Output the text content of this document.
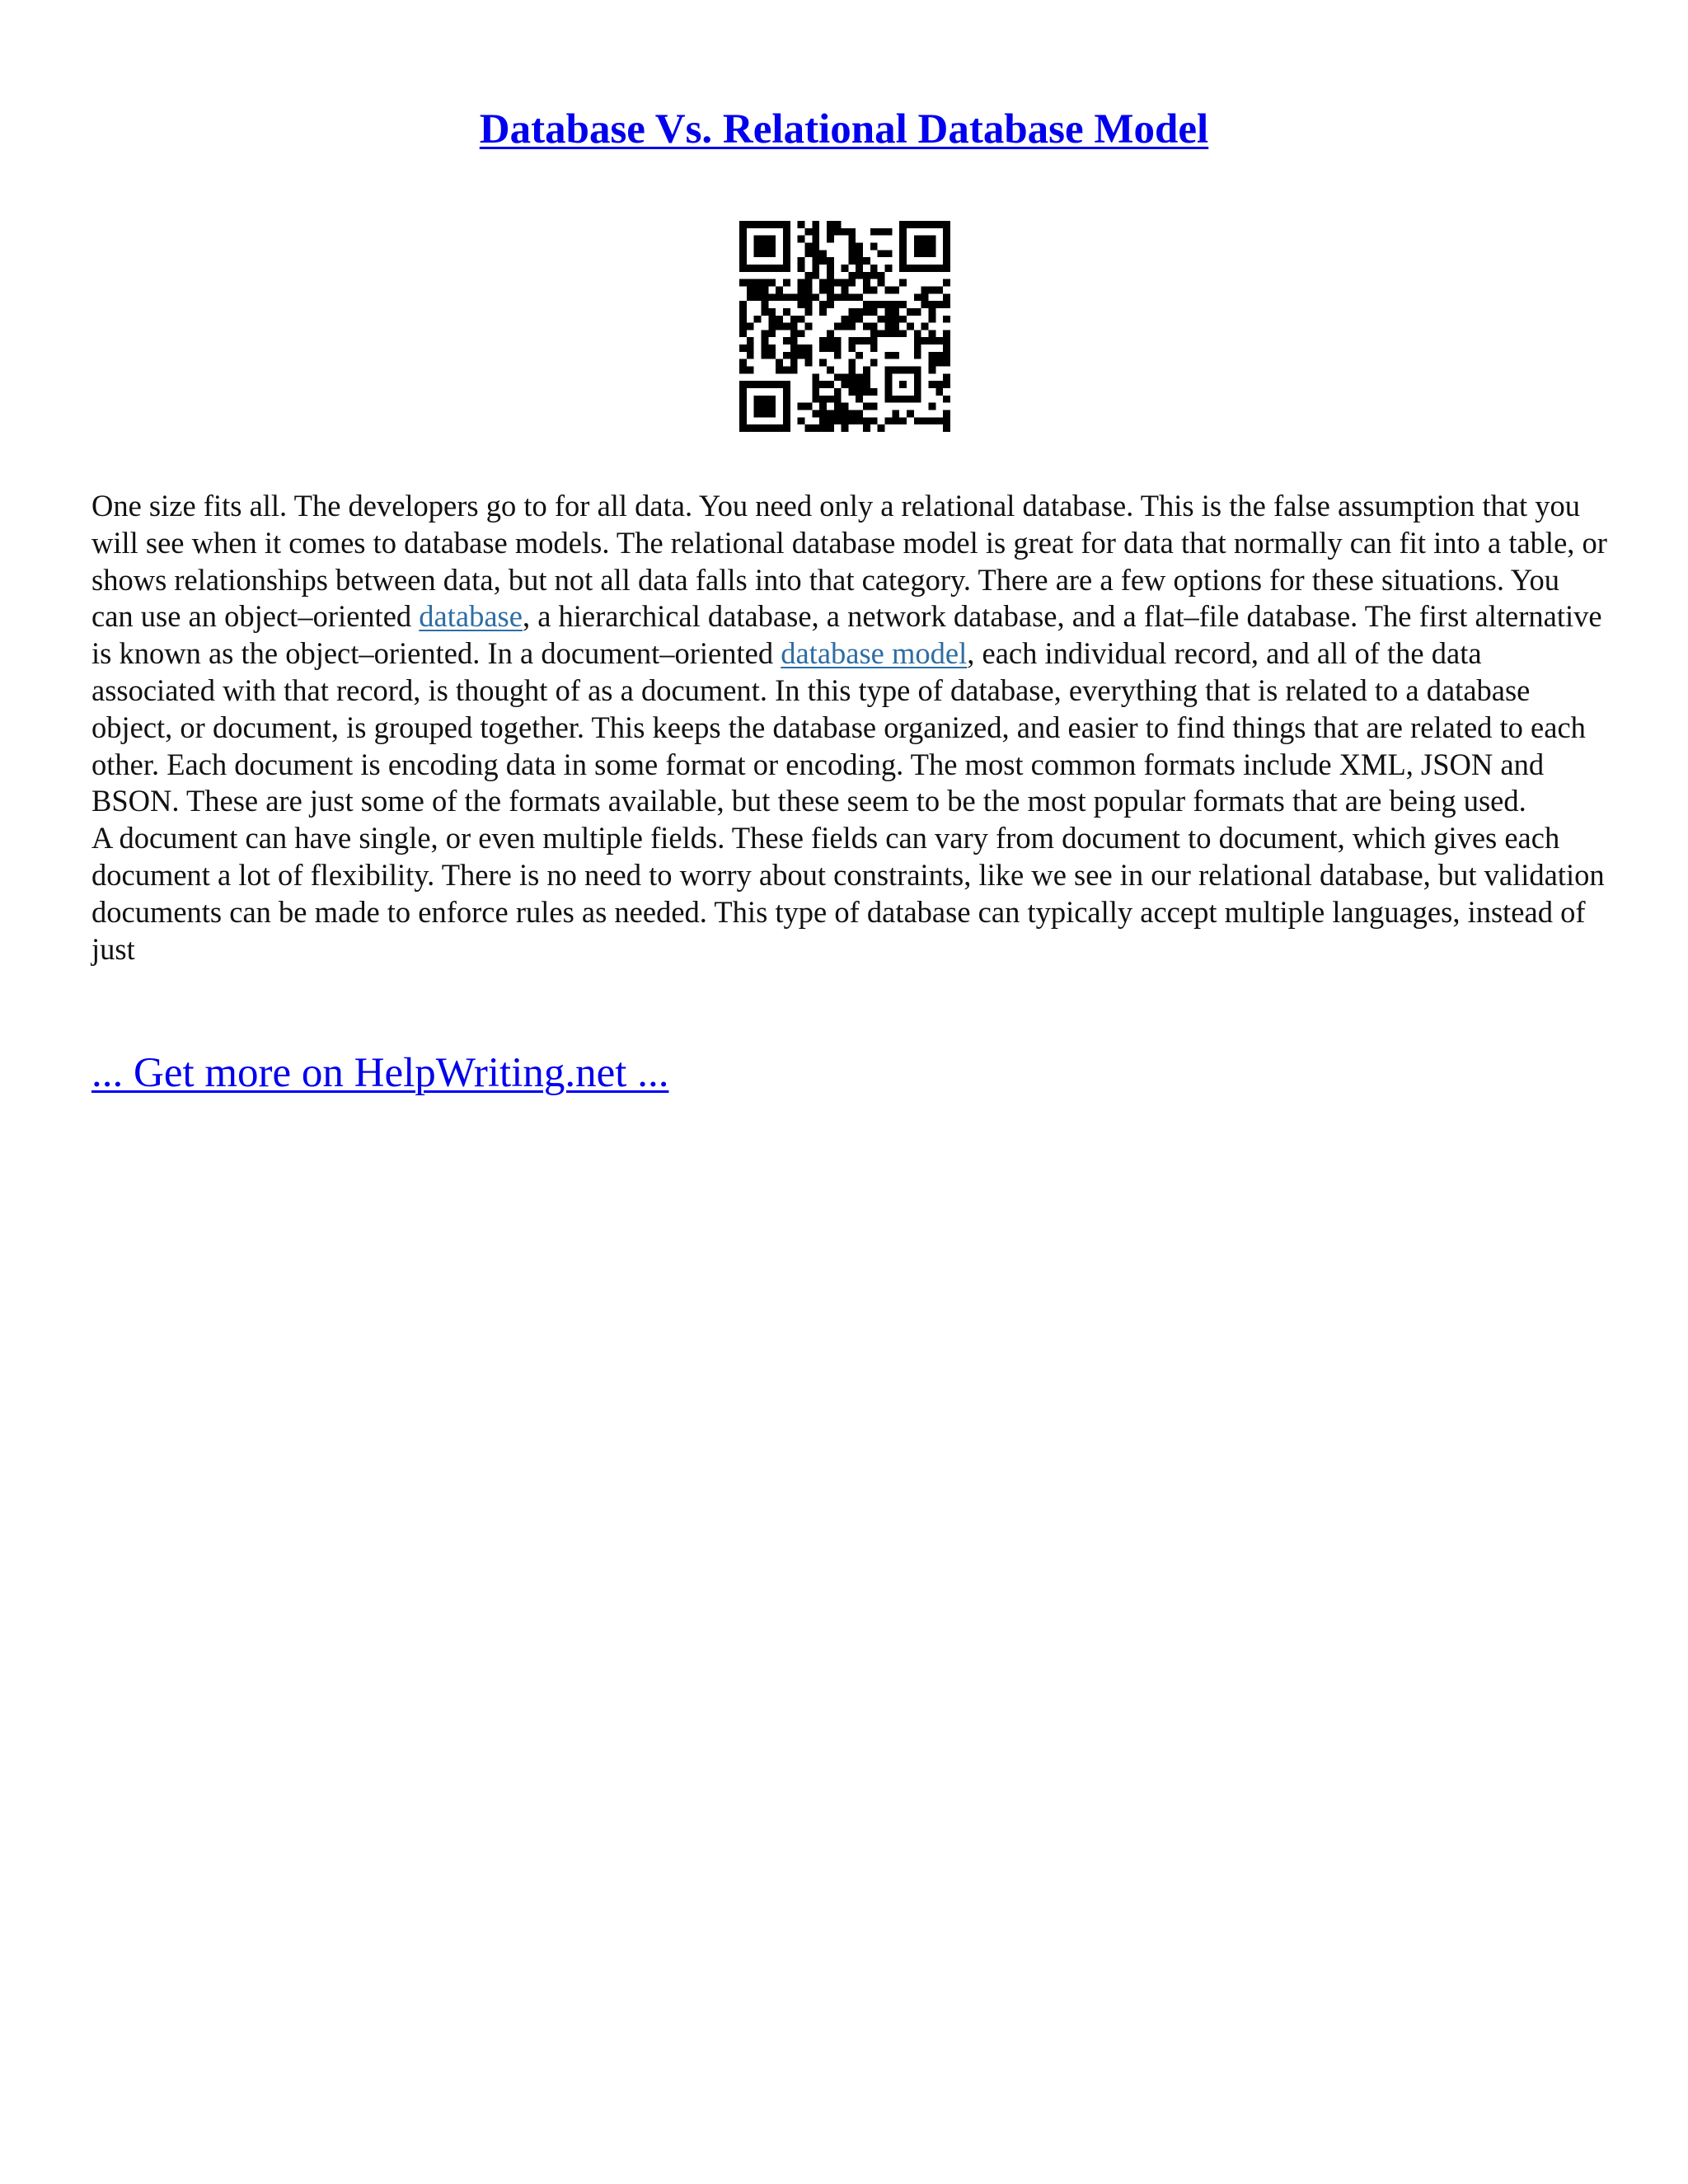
Database Vs. Relational Database Model

One size fits all. The developers go to for all data. You need only a relational database. This is the false assumption that you will see when it comes to database models. The relational database model is great for data that normally can fit into a table, or shows relationships between data, but not all data falls into that category. There are a few options for these situations. You can use an object–oriented database, a hierarchical database, a network database, and a flat–file database. The first alternative is known as the object–oriented. In a document–oriented database model, each individual record, and all of the data associated with that record, is thought of as a document. In this type of database, everything that is related to a database object, or document, is grouped together. This keeps the database organized, and easier to find things that are related to each other. Each document is encoding data in some format or encoding. The most common formats include XML, JSON and BSON. These are just some of the formats available, but these seem to be the most popular formats that are being used.

A document can have single, or even multiple fields. These fields can vary from document to document, which gives each document a lot of flexibility. There is no need to worry about constraints, like we see in our relational database, but validation documents can be made to enforce rules as needed. This type of database can typically accept multiple languages, instead of just

... Get more on HelpWriting.net ...
